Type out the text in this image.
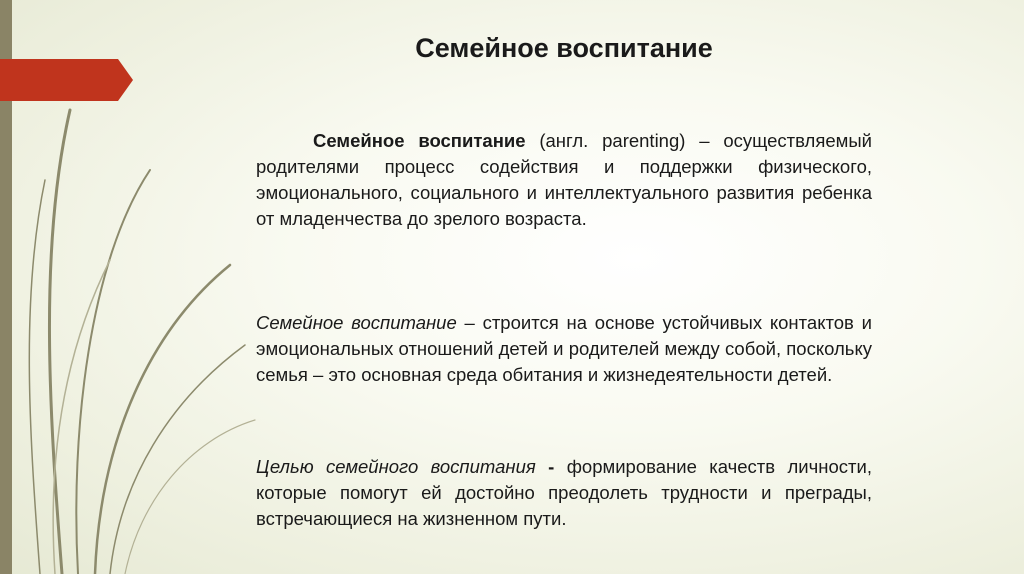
Семейное воспитание

Семейное воспитание (англ. parenting) – осуществляемый родителями процесс содействия и поддержки физического, эмоционального, социального и интеллектуального развития ребенка от младенчества до зрелого возраста.

Семейное воспитание – строится на основе устойчивых контактов и эмоциональных отношений детей и родителей между собой, поскольку семья – это основная среда обитания и жизнедеятельности детей.

Целью семейного воспитания - формирование качеств личности, которые помогут ей достойно преодолеть трудности и преграды, встречающиеся на жизненном пути.
